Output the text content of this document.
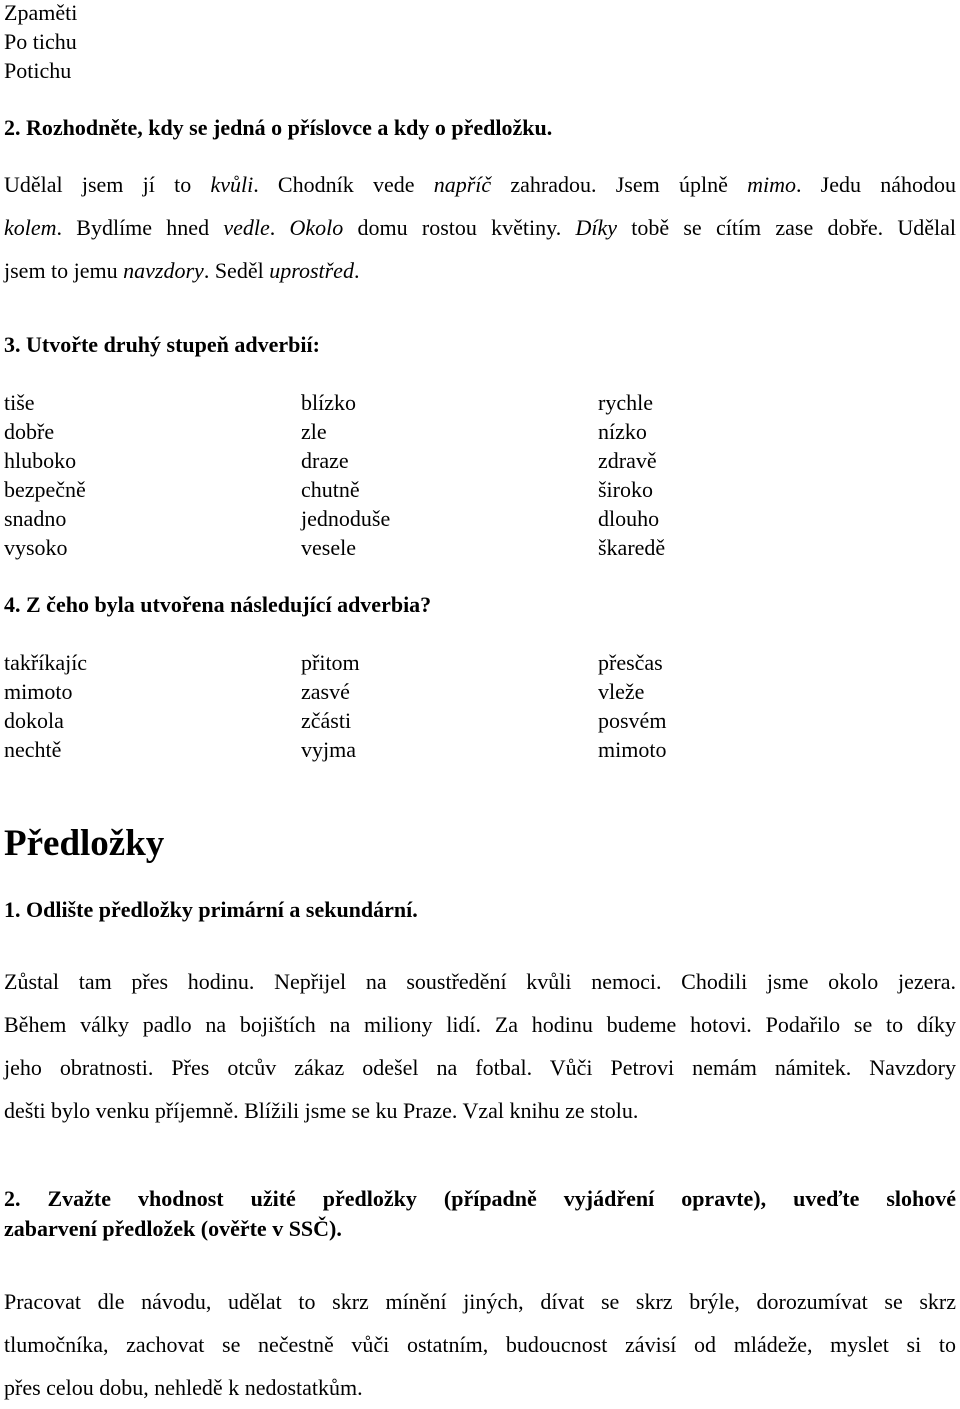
Zpaměti
Po tichu
Potichu
2. Rozhodněte, kdy se jedná o příslovce a kdy o předložku.
Udělal jsem jí to kvůli. Chodník vede napříč zahradou. Jsem úplně mimo. Jedu náhodou
kolem. Bydlíme hned vedle. Okolo domu rostou květiny. Díky tobě se cítím zase dobře. Udělal
jsem to jemu navzdory. Seděl uprostřed.
3. Utvořte druhý stupeň adverbií:
tiše
dobře
hluboko
bezpečně
snadno
vysoko
blízko
zle
draze
chutně
jednoduše
vesele
rychle
nízko
zdravě
široko
dlouho
škaredě
4. Z čeho byla utvořena následující adverbia?
takříkajíc
mimoto
dokola
nechtě
přitom
zasvé
zčásti
vyjma
přesčas
vleže
posvém
mimoto
Předložky
1. Odlište předložky primární a sekundární.
Zůstal tam přes hodinu. Nepřijel na soustředění kvůli nemoci. Chodili jsme okolo jezera.
Během války padlo na bojištích na miliony lidí. Za hodinu budeme hotovi. Podařilo se to díky
jeho obratnosti. Přes otcův zákaz odešel na fotbal. Vůči Petrovi nemám námitek. Navzdory
dešti bylo venku příjemně. Blížili jsme se ku Praze. Vzal knihu ze stolu.
2. Zvažte vhodnost užité předložky (případně vyjádření opravte), uveďte slohové
zabarvení předložek (ověřte v SSČ).
Pracovat dle návodu, udělat to skrz mínění jiných, dívat se skrz brýle, dorozumívat se skrz
tlumočníka, zachovat se nečestně vůči ostatním, budoucnost závisí od mládeže, myslet si to
přes celou dobu, nehledě k nedostatkům.
